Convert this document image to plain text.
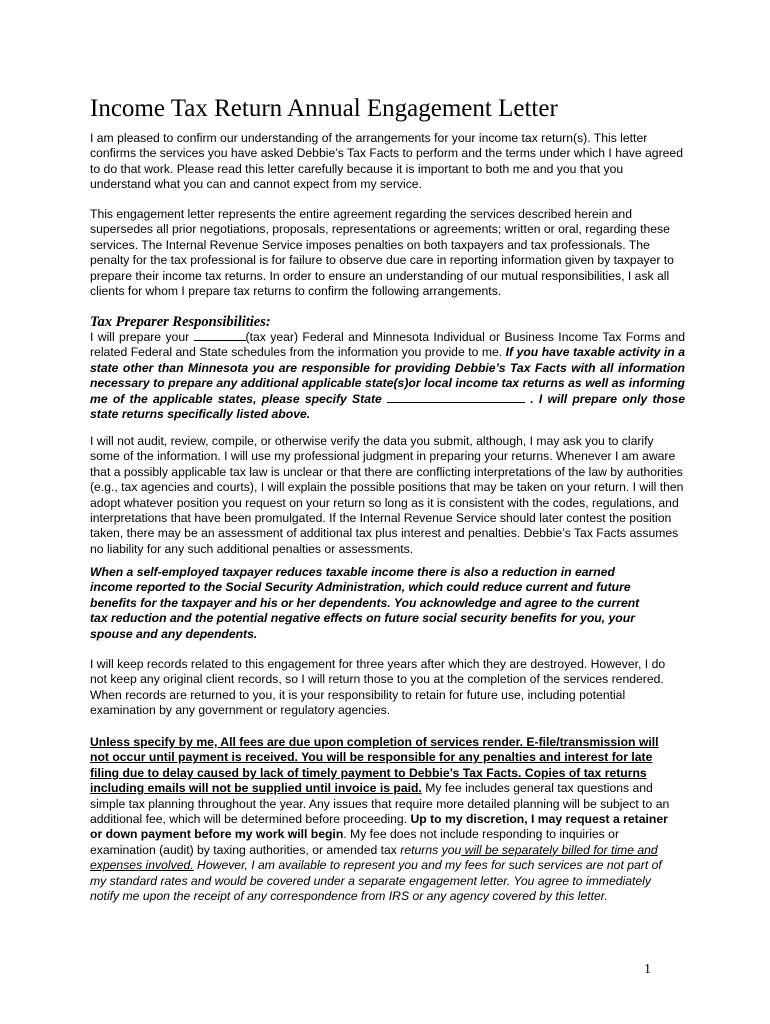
Income Tax Return Annual Engagement Letter

I am pleased to confirm our understanding of the arrangements for your income tax return(s). This letter confirms the services you have asked Debbie’s Tax Facts to perform and the terms under which I have agreed to do that work. Please read this letter carefully because it is important to both me and you that you understand what you can and cannot expect from my service.

This engagement letter represents the entire agreement regarding the services described herein and supersedes all prior negotiations, proposals, representations or agreements; written or oral, regarding these services. The Internal Revenue Service imposes penalties on both taxpayers and tax professionals. The penalty for the tax professional is for failure to observe due care in reporting information given by taxpayer to prepare their income tax returns. In order to ensure an understanding of our mutual responsibilities, I ask all clients for whom I prepare tax returns to confirm the following arrangements.

Tax Preparer Responsibilities:

I will prepare your	(tax year) Federal and Minnesota Individual or Business Income Tax Forms and related Federal and State schedules from the information you provide to me. If you have taxable activity in a state other than Minnesota you are responsible for providing Debbie’s Tax Facts with all information necessary to prepare any additional applicable state(s)or local income tax returns as well as informing me of the applicable states, please specify State	. I will prepare only those state returns specifically listed above.

I will not audit, review, compile, or otherwise verify the data you submit, although, I may ask you to clarify some of the information. I will use my professional judgment in preparing your returns. Whenever I am aware that a possibly applicable tax law is unclear or that there are conflicting interpretations of the law by authorities (e.g., tax agencies and courts), I will explain the possible positions that may be taken on your return. I will then adopt whatever position you request on your return so long as it is consistent with the codes, regulations, and interpretations that have been promulgated. If the Internal Revenue Service should later contest the position taken, there may be an assessment of additional tax plus interest and penalties. Debbie’s Tax Facts assumes no liability for any such additional penalties or assessments.

When a self-employed taxpayer reduces taxable income there is also a reduction in earned income reported to the Social Security Administration, which could reduce current and future benefits for the taxpayer and his or her dependents. You acknowledge and agree to the current tax reduction and the potential negative effects on future social security benefits for you, your spouse and any dependents.

I will keep records related to this engagement for three years after which they are destroyed. However, I do not keep any original client records, so I will return those to you at the completion of the services rendered. When records are returned to you, it is your responsibility to retain for future use, including potential examination by any government or regulatory agencies.

Unless specify by me, All fees are due upon completion of services render. E-file/transmission will not occur until payment is received. You will be responsible for any penalties and interest for late filing due to delay caused by lack of timely payment to Debbie’s Tax Facts. Copies of tax returns including emails will not be supplied until invoice is paid. My fee includes general tax questions and simple tax planning throughout the year. Any issues that require more detailed planning will be subject to an additional fee, which will be determined before proceeding. Up to my discretion, I may request a retainer or down payment before my work will begin. My fee does not include responding to inquiries or examination (audit) by taxing authorities, or amended tax returns you will be separately billed for time and expenses involved. However, I am available to represent you and my fees for such services are not part of my standard rates and would be covered under a separate engagement letter. You agree to immediately notify me upon the receipt of any correspondence from IRS or any agency covered by this letter.

1
